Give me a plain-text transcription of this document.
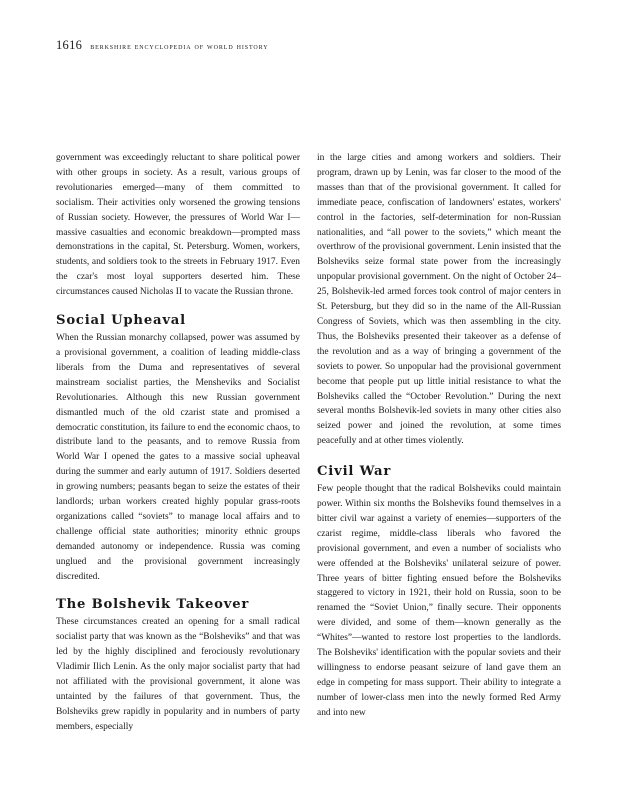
1616 berkshire encyclopedia of world history

government was exceedingly reluctant to share political power with other groups in society. As a result, various groups of revolutionaries emerged—many of them committed to socialism. Their activities only worsened the growing tensions of Russian society. However, the pressures of World War I—massive casualties and economic breakdown—prompted mass demonstrations in the capital, St. Petersburg. Women, workers, students, and soldiers took to the streets in February 1917. Even the czar's most loyal supporters deserted him. These circumstances caused Nicholas II to vacate the Russian throne.

Social Upheaval

When the Russian monarchy collapsed, power was assumed by a provisional government, a coalition of leading middle-class liberals from the Duma and representatives of several mainstream socialist parties, the Mensheviks and Socialist Revolutionaries. Although this new Russian government dismantled much of the old czarist state and promised a democratic constitution, its failure to end the economic chaos, to distribute land to the peasants, and to remove Russia from World War I opened the gates to a massive social upheaval during the summer and early autumn of 1917. Soldiers deserted in growing numbers; peasants began to seize the estates of their landlords; urban workers created highly popular grass-roots organizations called “soviets” to manage local affairs and to challenge official state authorities; minority ethnic groups demanded autonomy or independence. Russia was coming unglued and the provisional government increasingly discredited.

The Bolshevik Takeover

These circumstances created an opening for a small radical socialist party that was known as the “Bolsheviks” and that was led by the highly disciplined and ferociously revolutionary Vladimir Ilich Lenin. As the only major socialist party that had not affiliated with the provisional government, it alone was untainted by the failures of that government. Thus, the Bolsheviks grew rapidly in popularity and in numbers of party members, especially

in the large cities and among workers and soldiers. Their program, drawn up by Lenin, was far closer to the mood of the masses than that of the provisional government. It called for immediate peace, confiscation of landowners' estates, workers' control in the factories, self-determination for non-Russian nationalities, and “all power to the soviets,” which meant the overthrow of the provisional government. Lenin insisted that the Bolsheviks seize formal state power from the increasingly unpopular provisional government. On the night of October 24–25, Bolshevik-led armed forces took control of major centers in St. Petersburg, but they did so in the name of the All-Russian Congress of Soviets, which was then assembling in the city. Thus, the Bolsheviks presented their takeover as a defense of the revolution and as a way of bringing a government of the soviets to power. So unpopular had the provisional government become that people put up little initial resistance to what the Bolsheviks called the “October Revolution.” During the next several months Bolshevik-led soviets in many other cities also seized power and joined the revolution, at some times peacefully and at other times violently.

Civil War

Few people thought that the radical Bolsheviks could maintain power. Within six months the Bolsheviks found themselves in a bitter civil war against a variety of enemies—supporters of the czarist regime, middle-class liberals who favored the provisional government, and even a number of socialists who were offended at the Bolsheviks' unilateral seizure of power. Three years of bitter fighting ensued before the Bolsheviks staggered to victory in 1921, their hold on Russia, soon to be renamed the “Soviet Union,” finally secure. Their opponents were divided, and some of them—known generally as the “Whites”—wanted to restore lost properties to the landlords. The Bolsheviks' identification with the popular soviets and their willingness to endorse peasant seizure of land gave them an edge in competing for mass support. Their ability to integrate a number of lower-class men into the newly formed Red Army and into new
